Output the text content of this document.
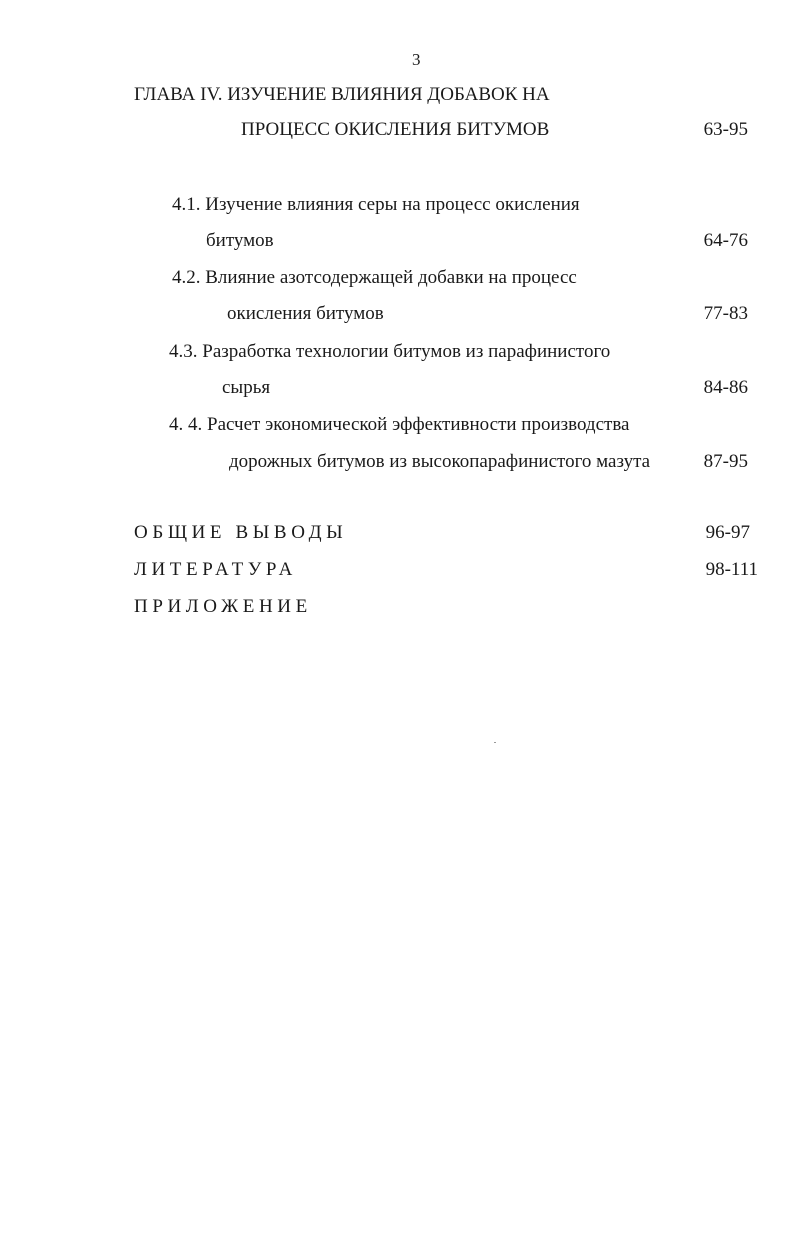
3
ГЛАВА IV. ИЗУЧЕНИЕ ВЛИЯНИЯ ДОБАВОК НА
ПРОЦЕСС ОКИСЛЕНИЯ БИТУМОВ	63-95
4.1. Изучение влияния серы на процесс окисления
битумов	64-76
4.2. Влияние азотсодержащей добавки на процесс
окисления битумов	77-83
4.3. Разработка технологии битумов из парафинистого
сырья	84-86
4. 4. Расчет экономической эффективности производства
дорожных битумов из высокопарафинистого мазута	87-95
ОБЩИЕ ВЫВОДЫ	96-97
ЛИТЕРАТУРА	98-111
ПРИЛОЖЕНИЕ
